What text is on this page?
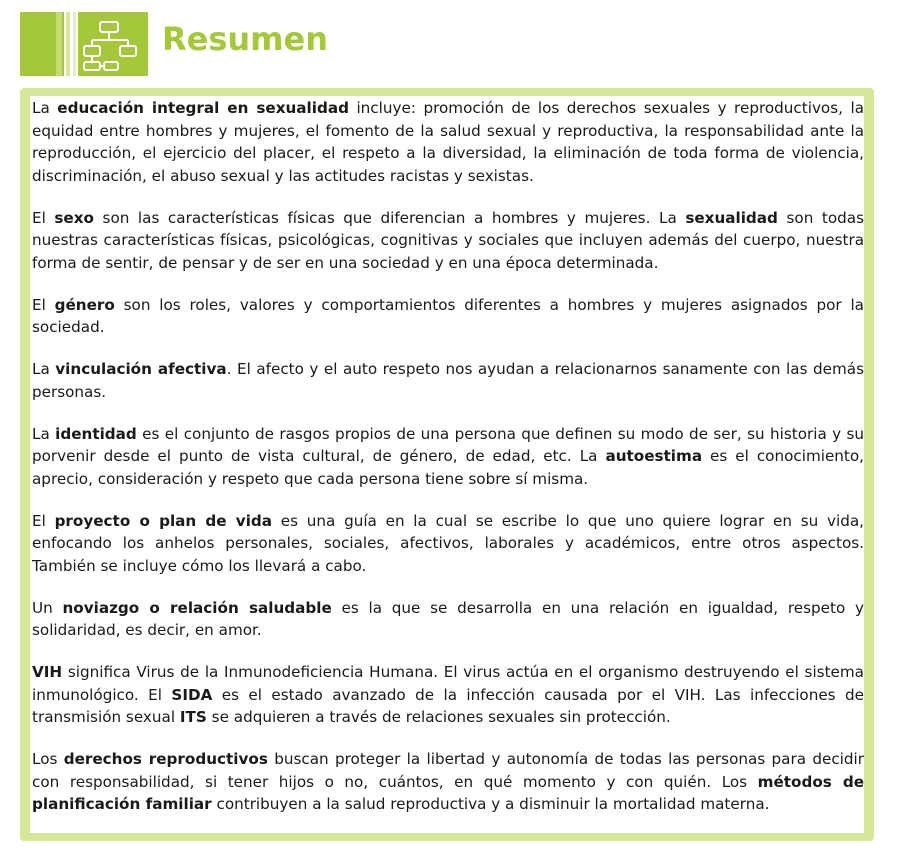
Resumen

La educación integral en sexualidad incluye: promoción de los derechos sexuales y reproductivos, la equidad entre hombres y mujeres, el fomento de la salud sexual y reproductiva, la responsabilidad ante la reproducción, el ejercicio del placer, el respeto a la diversidad, la eliminación de toda forma de violencia, discriminación, el abuso sexual y las actitudes racistas y sexistas.

El sexo son las características físicas que diferencian a hombres y mujeres. La sexualidad son todas nuestras características físicas, psicológicas, cognitivas y sociales que incluyen además del cuerpo, nuestra forma de sentir, de pensar y de ser en una sociedad y en una época determinada.

El género son los roles, valores y comportamientos diferentes a hombres y mujeres asignados por la sociedad.

La vinculación afectiva. El afecto y el auto respeto nos ayudan a relacionarnos sanamente con las demás personas.

La identidad es el conjunto de rasgos propios de una persona que definen su modo de ser, su historia y su porvenir desde el punto de vista cultural, de género, de edad, etc. La autoestima es el conocimiento, aprecio, consideración y respeto que cada persona tiene sobre sí misma.

El proyecto o plan de vida es una guía en la cual se escribe lo que uno quiere lograr en su vida, enfocando los anhelos personales, sociales, afectivos, laborales y académicos, entre otros aspectos. También se incluye cómo los llevará a cabo.

Un noviazgo o relación saludable es la que se desarrolla en una relación en igualdad, respeto y solidaridad, es decir, en amor.

VIH significa Virus de la Inmunodeficiencia Humana. El virus actúa en el organismo destruyendo el sistema inmunológico. El SIDA es el estado avanzado de la infección causada por el VIH. Las infecciones de transmisión sexual ITS se adquieren a través de relaciones sexuales sin protección.

Los derechos reproductivos buscan proteger la libertad y autonomía de todas las personas para decidir con responsabilidad, si tener hijos o no, cuántos, en qué momento y con quién. Los métodos de planificación familiar contribuyen a la salud reproductiva y a disminuir la mortalidad materna.
